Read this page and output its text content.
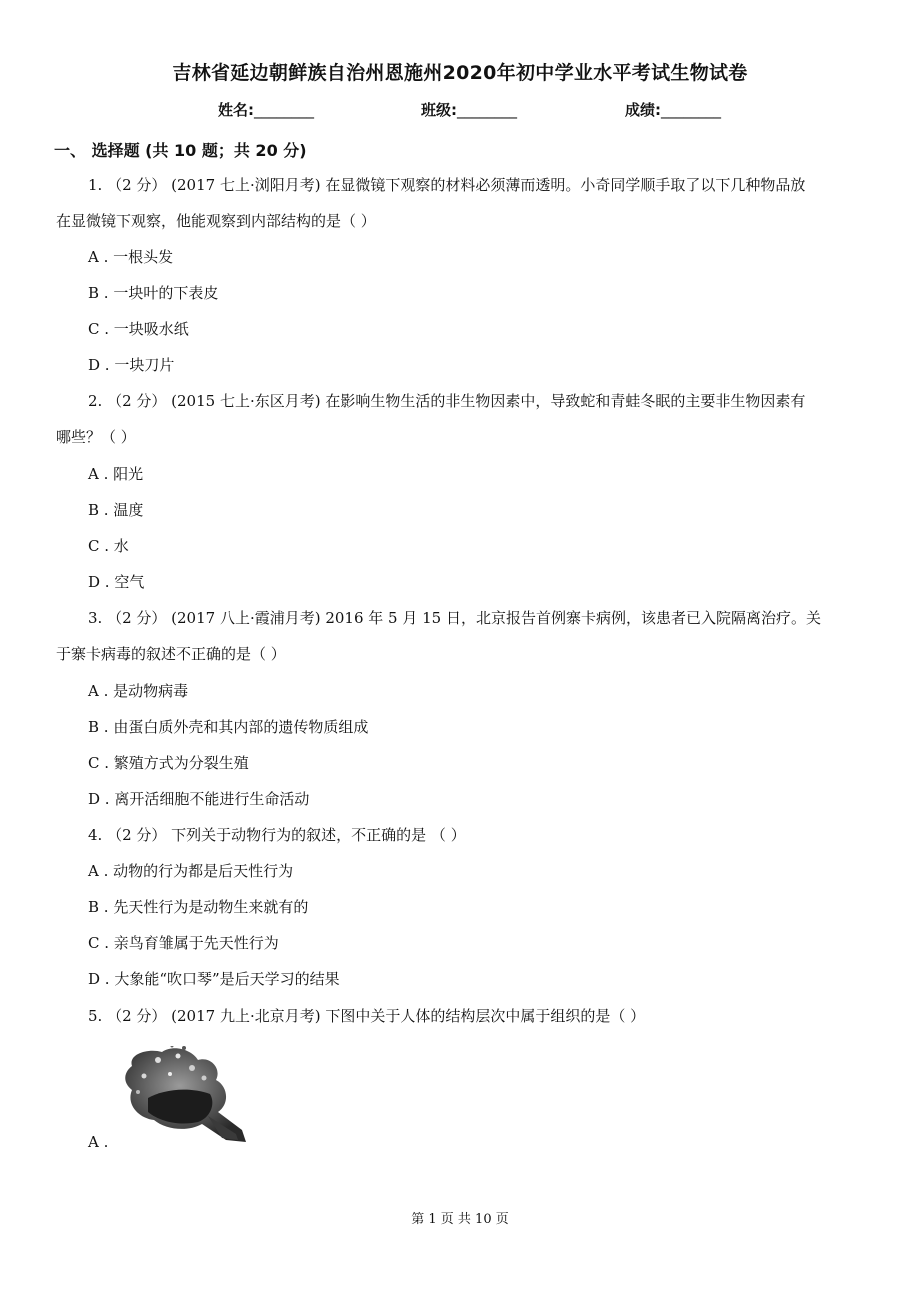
吉林省延边朝鲜族自治州恩施州2020年初中学业水平考试生物试卷
姓名:________	班级:________	成绩:________
一、 选择题 (共 10 题；共 20 分)
1. （2 分） (2017 七上·浏阳月考) 在显微镜下观察的材料必须薄而透明。小奇同学顺手取了以下几种物品放
在显微镜下观察，他能观察到内部结构的是（ ）
A . 一根头发
B . 一块叶的下表皮
C . 一块吸水纸
D . 一块刀片
2. （2 分） (2015 七上·东区月考) 在影响生物生活的非生物因素中，导致蛇和青蛙冬眠的主要非生物因素有
哪些？（ ）
A . 阳光
B . 温度
C . 水
D . 空气
3. （2 分） (2017 八上·霞浦月考) 2016 年 5 月 15 日，北京报告首例寨卡病例，该患者已入院隔离治疗。关
于寨卡病毒的叙述不正确的是（ ）
A . 是动物病毒
B . 由蛋白质外壳和其内部的遗传物质组成
C . 繁殖方式为分裂生殖
D . 离开活细胞不能进行生命活动
4. （2 分） 下列关于动物行为的叙述，不正确的是 （ ）
A . 动物的行为都是后天性行为
B . 先天性行为是动物生来就有的
C . 亲鸟育雏属于先天性行为
D . 大象能“吹口琴”是后天学习的结果
5. （2 分） (2017 九上·北京月考) 下图中关于人体的结构层次中属于组织的是（ ）
A .
第 1 页 共 10 页
